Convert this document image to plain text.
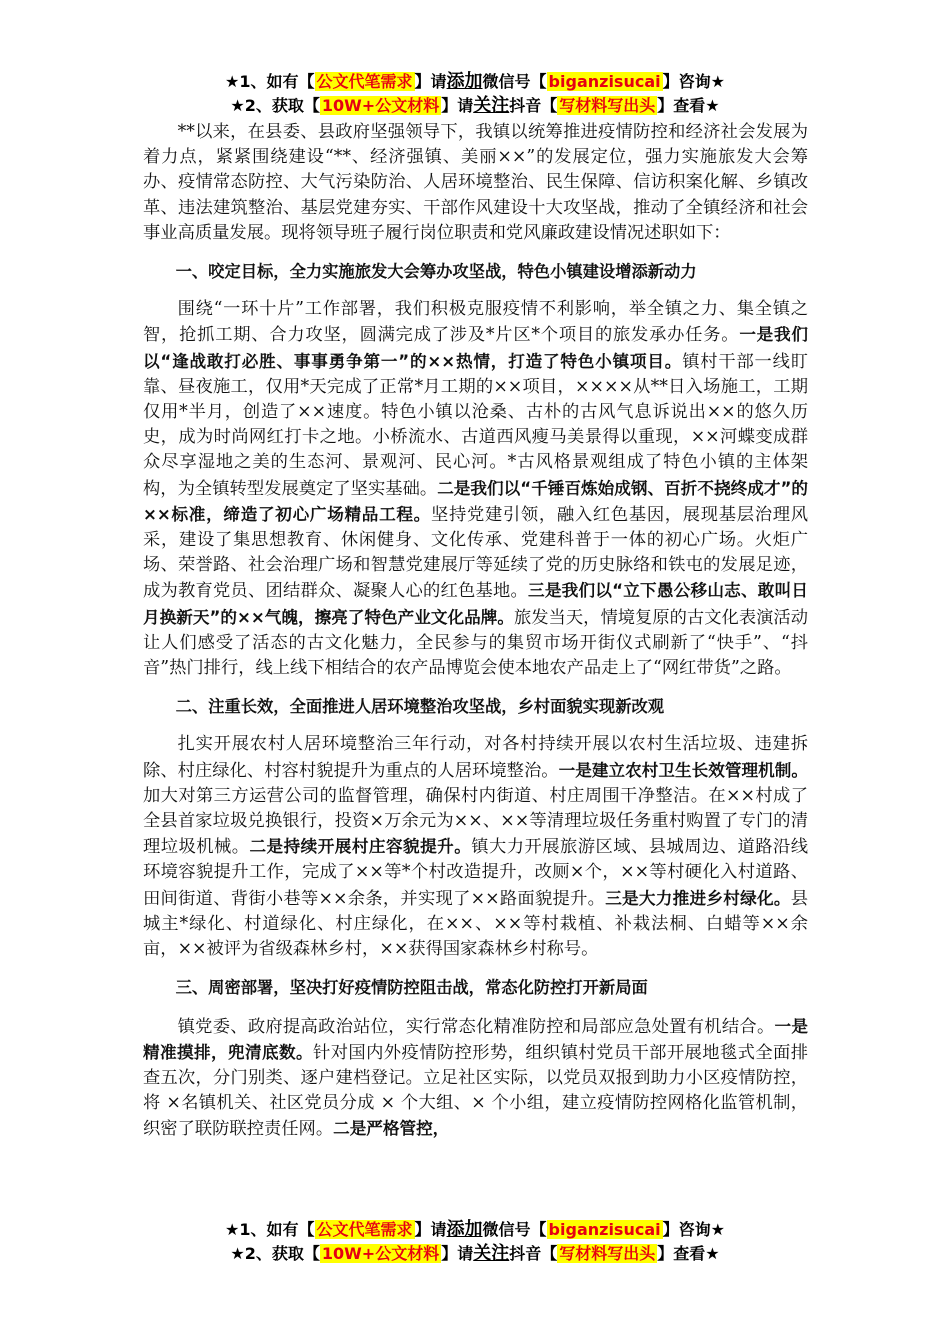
★1、如有【 公文代笔需求 】请添加微信号【 biganzisucai 】咨询★
★2、获取【 10W+公文材料 】请关注抖音【 写材料写出头 】查看★

**以来，在县委、县政府坚强领导下，我镇以统筹推进疫情防控和经济社会发展为着力点，紧紧围绕建设“**、经济强镇、美丽××”的发展定位，强力实施旅发大会筹办、疫情常态防控、大气污染防治、人居环境整治、民生保障、信访积案化解、乡镇改革、违法建筑整治、基层党建夯实、干部作风建设十大攻坚战，推动了全镇经济和社会事业高质量发展。现将领导班子履行岗位职责和党风廉政建设情况述职如下：

一、咬定目标，全力实施旅发大会筹办攻坚战，特色小镇建设增添新动力

围绕“一环十片”工作部署，我们积极克服疫情不利影响，举全镇之力、集全镇之智，抢抓工期、合力攻坚，圆满完成了涉及*片区*个项目的旅发承办任务。一是我们以“逢战敢打必胜、事事勇争第一”的××热情，打造了特色小镇项目。镇村干部一线盯靠、昼夜施工，仅用*天完成了正常*月工期的××项目，××××从**日入场施工，工期仅用*半月，创造了××速度。特色小镇以沧桑、古朴的古风气息诉说出××的悠久历史，成为时尚网红打卡之地。小桥流水、古道西风瘦马美景得以重现，××河蝶变成群众尽享湿地之美的生态河、景观河、民心河。*古风格景观组成了特色小镇的主体架构，为全镇转型发展奠定了坚实基础。二是我们以“千锤百炼始成钢、百折不挠终成才”的××标准，缔造了初心广场精品工程。坚持党建引领，融入红色基因，展现基层治理风采，建设了集思想教育、休闲健身、文化传承、党建科普于一体的初心广场。火炬广场、荣誉路、社会治理广场和智慧党建展厅等延续了党的历史脉络和铁屯的发展足迹，成为教育党员、团结群众、凝聚人心的红色基地。三是我们以“立下愚公移山志、敢叫日月换新天”的××气魄，擦亮了特色产业文化品牌。旅发当天，情境复原的古文化表演活动让人们感受了活态的古文化魅力，全民参与的集贸市场开街仪式刷新了“快手”、“抖音”热门排行，线上线下相结合的农产品博览会使本地农产品走上了“网红带货”之路。

二、注重长效，全面推进人居环境整治攻坚战，乡村面貌实现新改观

扎实开展农村人居环境整治三年行动，对各村持续开展以农村生活垃圾、违建拆除、村庄绿化、村容村貌提升为重点的人居环境整治。一是建立农村卫生长效管理机制。加大对第三方运营公司的监督管理，确保村内街道、村庄周围干净整洁。在××村成了全县首家垃圾兑换银行，投资×万余元为××、××等清理垃圾任务重村购置了专门的清理垃圾机械。二是持续开展村庄容貌提升。镇大力开展旅游区域、县城周边、道路沿线环境容貌提升工作，完成了××等*个村改造提升，改厕×个，××等村硬化入村道路、田间街道、背街小巷等××余条，并实现了××路面貌提升。三是大力推进乡村绿化。县城主*绿化、村道绿化、村庄绿化，在××、××等村栽植、补栽法桐、白蜡等××余亩，××被评为省级森林乡村，××获得国家森林乡村称号。

三、周密部署，坚决打好疫情防控阻击战，常态化防控打开新局面

镇党委、政府提高政治站位，实行常态化精准防控和局部应急处置有机结合。一是精准摸排，兜清底数。针对国内外疫情防控形势，组织镇村党员干部开展地毯式全面排查五次，分门别类、逐户建档登记。立足社区实际，以党员双报到助力小区疫情防控，将 ×名镇机关、社区党员分成 × 个大组、× 个小组，建立疫情防控网格化监管机制，织密了联防联控责任网。二是严格管控，

★1、如有【 公文代笔需求 】请添加微信号【 biganzisucai 】咨询★
★2、获取【 10W+公文材料 】请关注抖音【 写材料写出头 】查看★
